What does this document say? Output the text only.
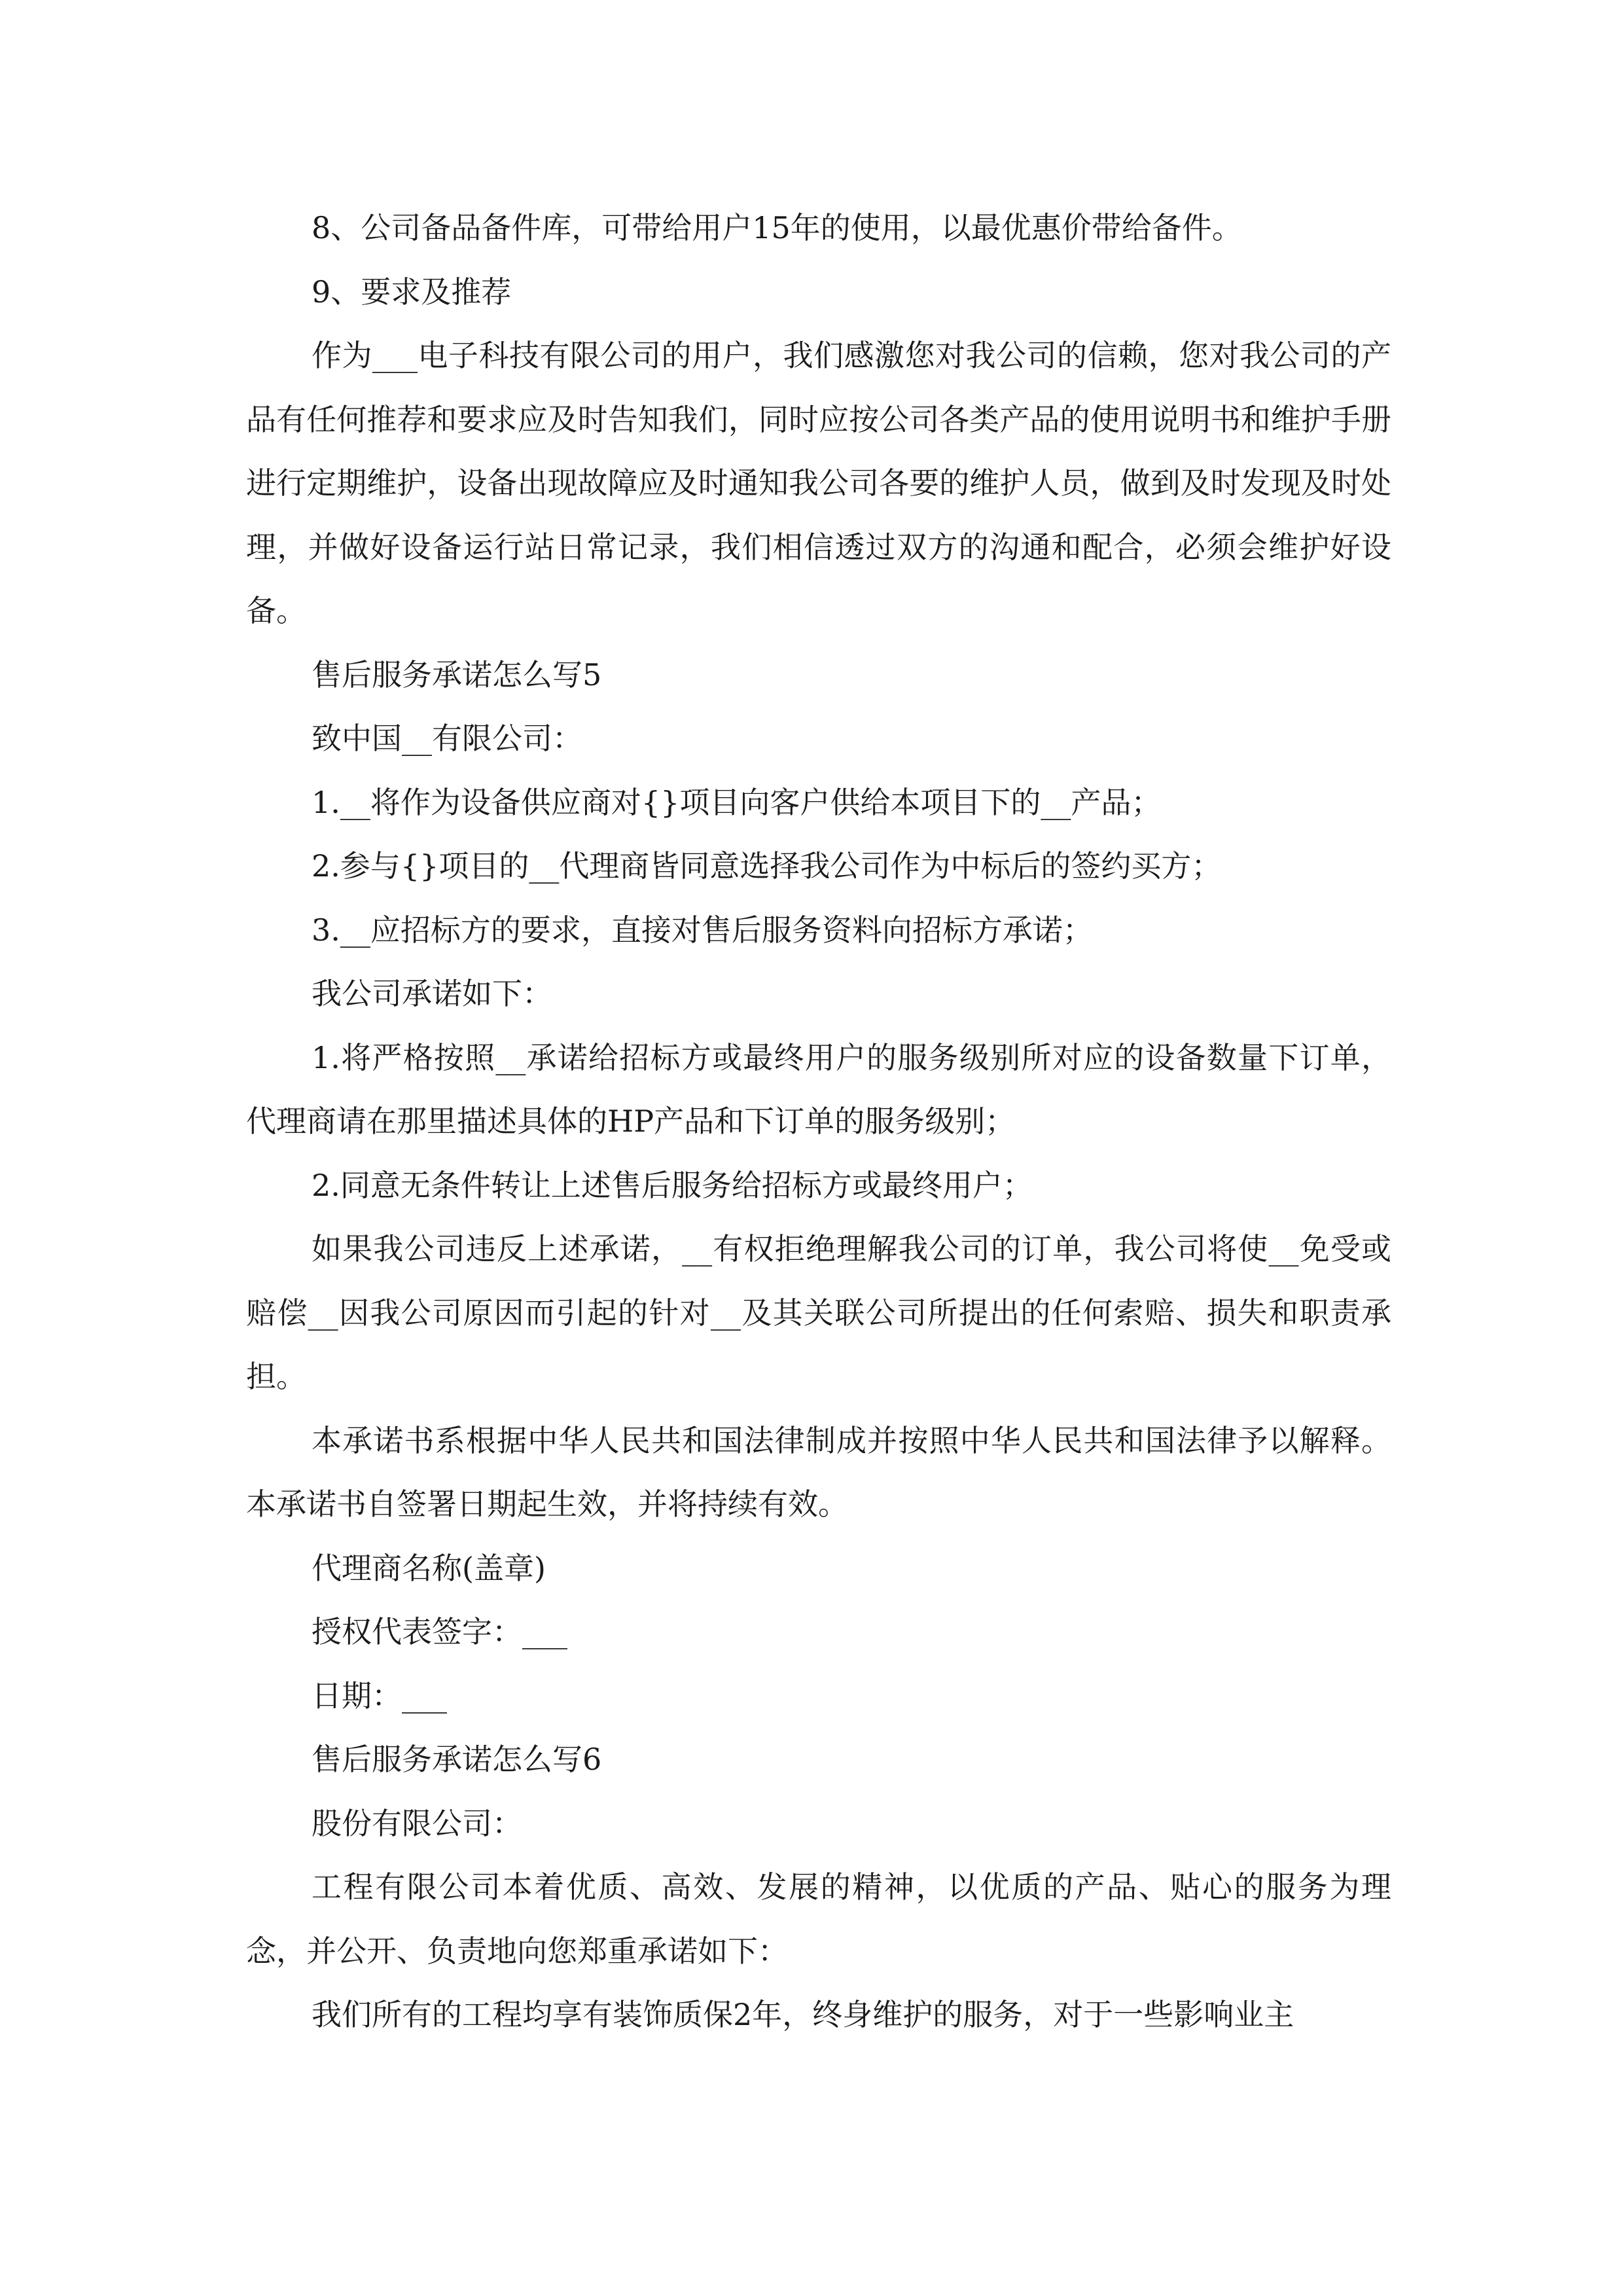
8、公司备品备件库，可带给用户15年的使用，以最优惠价带给备件。

9、要求及推荐

作为___电子科技有限公司的用户，我们感激您对我公司的信赖，您对我公司的产品有任何推荐和要求应及时告知我们，同时应按公司各类产品的使用说明书和维护手册进行定期维护，设备出现故障应及时通知我公司各要的维护人员，做到及时发现及时处理，并做好设备运行站日常记录，我们相信透过双方的沟通和配合，必须会维护好设备。

售后服务承诺怎么写5

致中国__有限公司：

1.__将作为设备供应商对{}项目向客户供给本项目下的__产品；

2.参与{}项目的__代理商皆同意选择我公司作为中标后的签约买方；

3.__应招标方的要求，直接对售后服务资料向招标方承诺；

我公司承诺如下：

1.将严格按照__承诺给招标方或最终用户的服务级别所对应的设备数量下订单，代理商请在那里描述具体的HP产品和下订单的服务级别；

2.同意无条件转让上述售后服务给招标方或最终用户；

如果我公司违反上述承诺，__有权拒绝理解我公司的订单，我公司将使__免受或赔偿__因我公司原因而引起的针对__及其关联公司所提出的任何索赔、损失和职责承担。

本承诺书系根据中华人民共和国法律制成并按照中华人民共和国法律予以解释。本承诺书自签署日期起生效，并将持续有效。

代理商名称(盖章)

授权代表签字：___

日期：___

售后服务承诺怎么写6

股份有限公司：

工程有限公司本着优质、高效、发展的精神，以优质的产品、贴心的服务为理念，并公开、负责地向您郑重承诺如下：

我们所有的工程均享有装饰质保2年，终身维护的服务，对于一些影响业主
